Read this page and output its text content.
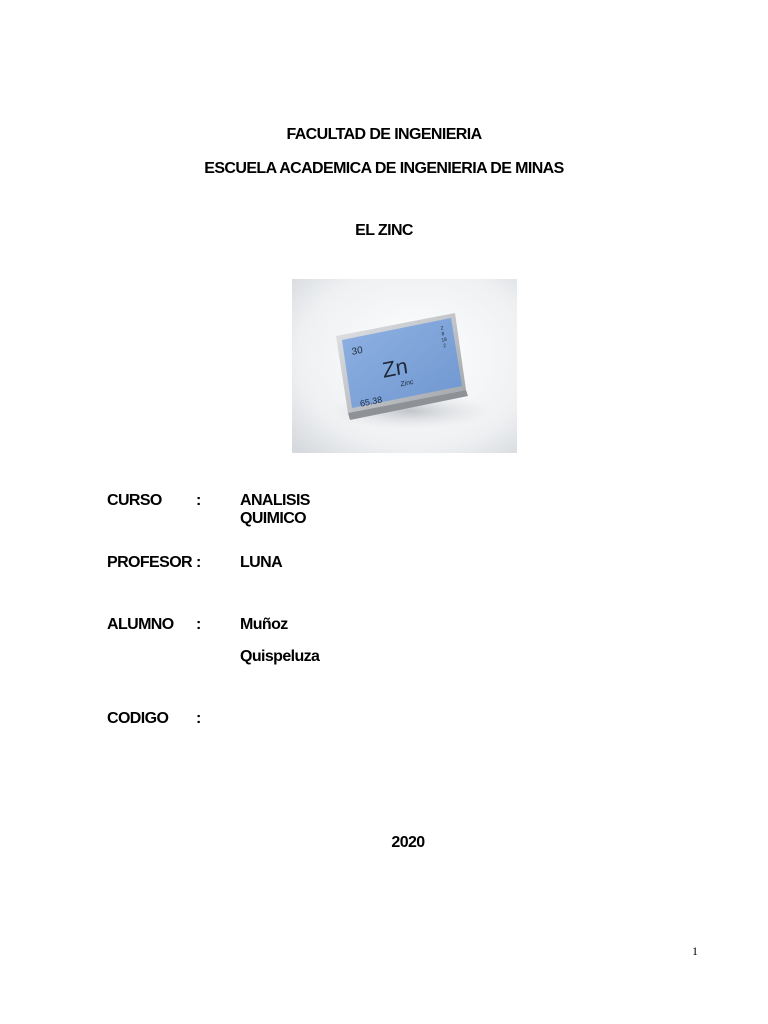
FACULTAD DE INGENIERIA
ESCUELA ACADEMICA DE INGENIERIA DE MINAS
EL ZINC
30
Zn
Zinc
65.38
2
8
18
2
CURSO : ANALISIS QUIMICO
PROFESOR : LUNA
ALUMNO : Muñoz
Quispeluza
CODIGO :
2020
1
